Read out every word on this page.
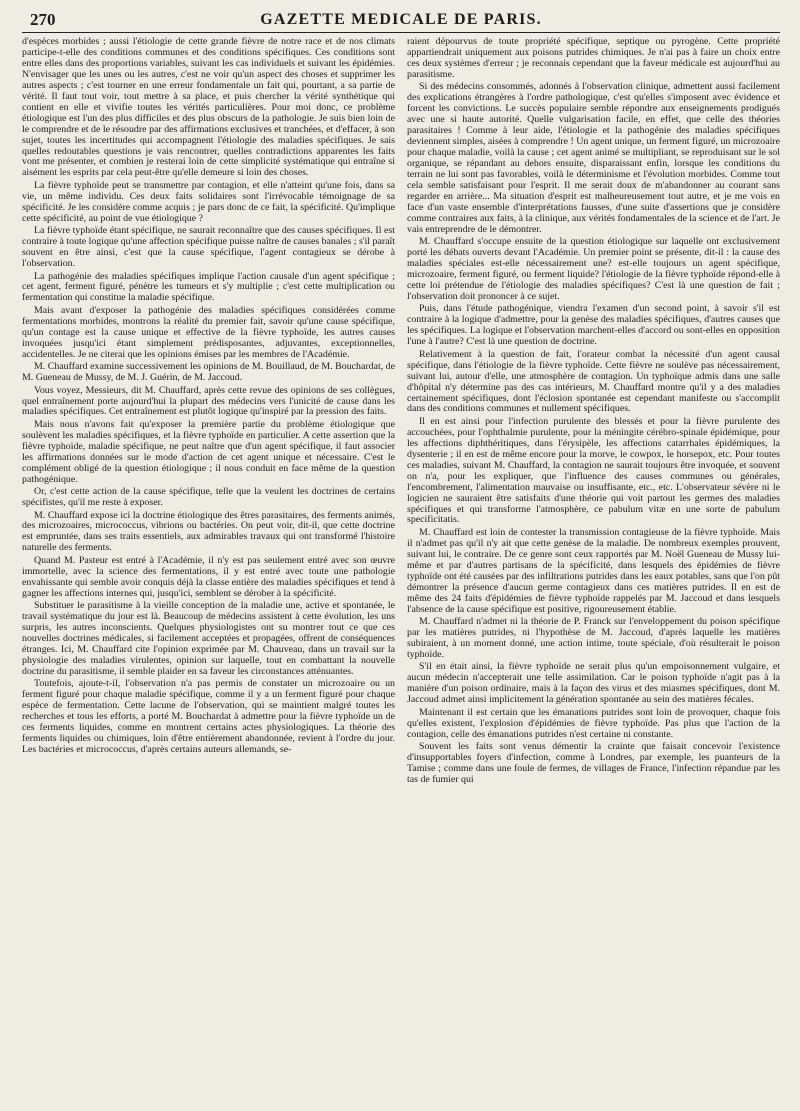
270	GAZETTE MEDICALE DE PARIS.

d'espèces morbides ; aussi l'étiologie de cette grande fièvre de notre race et de nos climats participe-t-elle des conditions communes et des conditions spécifiques. Ces conditions sont entre elles dans des proportions variables, suivant les cas individuels et suivant les épidémies. N'envisager que les unes ou les autres, c'est ne voir qu'un aspect des choses et supprimer les autres aspects ; c'est tourner en une erreur fondamentale un fait qui, pourtant, a sa partie de vérité. Il faut tout voir, tout mettre à sa place, et puis chercher la vérité synthétique qui contient en elle et vivifie toutes les vérités particulières. Pour moi donc, ce problème étiologique est l'un des plus difficiles et des plus obscurs de la pathologie. Je suis bien loin de le comprendre et de le résoudre par des affirmations exclusives et tranchées, et d'effacer, à son sujet, toutes les incertitudes qui accompagnent l'étiologie des maladies spécifiques. Je sais quelles redoutables questions je vais rencontrer, quelles contradictions apparentes les faits vont me présenter, et combien je resterai loin de cette simplicité systématique qui entraîne si aisément les esprits par cela peut-être qu'elle demeure si loin des choses.

La fièvre typhoïde peut se transmettre par contagion, et elle n'atteint qu'une fois, dans sa vie, un même individu. Ces deux faits solidaires sont l'irrévocable témoignage de sa spécificité. Je les considère comme acquis ; je pars donc de ce fait, la spécificité. Qu'implique cette spécificité, au point de vue étiologique ?

La fièvre typhoïde étant spécifique, ne saurait reconnaître que des causes spécifiques. Il est contraire à toute logique qu'une affection spécifique puisse naître de causes banales ; s'il paraît souvent en être ainsi, c'est que la cause spécifique, l'agent contagieux se dérobe à l'observation.

La pathogénie des maladies spécifiques implique l'action causale d'un agent spécifique ; cet agent, ferment figuré, pénètre les tumeurs et s'y multiplie ; c'est cette multiplication ou fermentation qui constitue la maladie spécifique.

Mais avant d'exposer la pathogénie des maladies spécifiques considérées comme fermentations morbides, montrons la réalité du premier fait, savoir qu'une cause spécifique, qu'un contage est la cause unique et effective de la fièvre typhoïde, les autres causes invoquées jusqu'ici étant simplement prédisposantes, adjuvantes, exceptionnelles, accidentelles. Je ne citerai que les opinions émises par les membres de l'Académie.

M. Chauffard examine successivement les opinions de M. Bouillaud, de M. Bouchardat, de M. Gueneau de Mussy, de M. J. Guérin, de M. Jaccoud.

Vous voyez, Messieurs, dit M. Chauffard, après cette revue des opinions de ses collègues, quel entraînement porte aujourd'hui la plupart des médecins vers l'unicité de cause dans les maladies spécifiques. Cet entraînement est plutôt logique qu'inspiré par la pression des faits.

Mais nous n'avons fait qu'exposer la première partie du problème étiologique que soulèvent les maladies spécifiques, et la fièvre typhoïde en particulier. A cette assertion que la fièvre typhoïde, maladie spécifique, ne peut naître que d'un agent spécifique, il faut associer les affirmations données sur le mode d'action de cet agent unique et nécessaire. C'est le complément obligé de la question étiologique ; il nous conduit en face même de la question pathogénique.

Or, c'est cette action de la cause spécifique, telle que la veulent les doctrines de certains spécifistes, qu'il me reste à exposer.

M. Chauffard expose ici la doctrine étiologique des êtres parasitaires, des ferments animés, des microzoaires, micrococcus, vibrions ou bactéries. On peut voir, dit-il, que cette doctrine est empruntée, dans ses traits essentiels, aux admirables travaux qui ont transformé l'histoire naturelle des ferments.

Quand M. Pasteur est entré à l'Académie, il n'y est pas seulement entré avec son œuvre immortelle, avec la science des fermentations, il y est entré avec toute une pathologie envahissante qui semble avoir conquis déjà la classe entière des maladies spécifiques et tend à gagner les affections internes qui, jusqu'ici, semblent se dérober à la spécificité.

Substituer le parasitisme à la vieille conception de la maladie une, active et spontanée, le travail systématique du jour est là. Beaucoup de médecins assistent à cette évolution, les uns surpris, les autres inconscients. Quelques physiologistes ont su montrer tout ce que ces nouvelles doctrines médicales, si facilement acceptées et propagées, offrent de conséquences étranges. Ici, M. Chauffard cite l'opinion exprimée par M. Chauveau, dans un travail sur la physiologie des maladies virulentes, opinion sur laquelle, tout en combattant la nouvelle doctrine du parasitisme, il semble plaider en sa faveur les circonstances atténuantes.

Toutefois, ajoute-t-il, l'observation n'a pas permis de constater un microzoaire ou un ferment figuré pour chaque maladie spécifique, comme il y a un ferment figuré pour chaque espèce de fermentation. Cette lacune de l'observation, qui se maintient malgré toutes les recherches et tous les efforts, a porté M. Bouchardat à admettre pour la fièvre typhoïde un de ces ferments liquides, comme en montrent certains actes physiologiques. La théorie des ferments liquides ou chimiques, loin d'être entièrement abandonnée, revient à l'ordre du jour. Les bactéries et micrococcus, d'après certains auteurs allemands, se-

raient dépourvus de toute propriété spécifique, septique ou pyrogène. Cette propriété appartiendrait uniquement aux poisons putrides chimiques. Je n'ai pas à faire un choix entre ces deux systèmes d'erreur ; je reconnais cependant que la faveur médicale est aujourd'hui au parasitisme.

Si des médecins consommés, adonnés à l'observation clinique, admettent aussi facilement des explications étrangères à l'ordre pathologique, c'est qu'elles s'imposent avec évidence et forcent les convictions. Le succès populaire semble répondre aux enseignements prodigués avec une si haute autorité. Quelle vulgarisation facile, en effet, que celle des théories parasitaires ! Comme à leur aide, l'étiologie et la pathogénie des maladies spécifiques deviennent simples, aisées à comprendre ! Un agent unique, un ferment figuré, un microzoaire pour chaque maladie, voilà la cause ; cet agent animé se multipliant, se reproduisant sur le sol organique, se répandant au dehors ensuite, disparaissant enfin, lorsque les conditions du terrain ne lui sont pas favorables, voilà le déterminisme et l'évolution morbides. Comme tout cela semble satisfaisant pour l'esprit. Il me serait doux de m'abandonner au courant sans regarder en arrière... Ma situation d'esprit est malheureusement tout autre, et je me vois en face d'un vaste ensemble d'interprétations fausses, d'une suite d'assertions que je considère comme contraires aux faits, à la clinique, aux vérités fondamentales de la science et de l'art. Je vais entreprendre de le démontrer.

M. Chauffard s'occupe ensuite de la question étiologique sur laquelle ont exclusivement porté les débats ouverts devant l'Académie. Un premier point se présente, dit-il : la cause des maladies spéciales est-elle nécessairement une? est-elle toujours un agent spécifique, microzoaire, ferment figuré, ou ferment liquide? l'étiologie de la fièvre typhoïde répond-elle à cette loi prétendue de l'étiologie des maladies spécifiques? C'est là une question de fait ; l'observation doit prononcer à ce sujet.

Puis, dans l'étude pathogénique, viendra l'examen d'un second point, à savoir s'il est contraire à la logique d'admettre, pour la genèse des maladies spécifiques, d'autres causes que les spécifiques. La logique et l'observation marchent-elles d'accord ou sont-elles en opposition l'une à l'autre? C'est là une question de doctrine.

Relativement à la question de fait, l'orateur combat la nécessité d'un agent causal spécifique, dans l'étiologie de la fièvre typhoïde. Cette fièvre ne soulève pas nécessairement, suivant lui, autour d'elle, une atmosphère de contagion. Un typhoïque admis dans une salle d'hôpital n'y détermine pas des cas intérieurs, M. Chauffard montre qu'il y a des maladies certainement spécifiques, dont l'éclosion spontanée est cependant manifeste ou s'accomplit dans des conditions communes et nullement spécifiques.

Il en est ainsi pour l'infection purulente des blessés et pour la fièvre purulente des accouchées, pour l'ophthalmie purulente, pour la méningite cérébro-spinale épidémique, pour les affections diphthéritiques, dans l'érysipèle, les affections catarrhales épidémiques, la dysenterie ; il en est de même encore pour la morve, le cowpox, le horsepox, etc. Pour toutes ces maladies, suivant M. Chauffard, la contagion ne saurait toujours être invoquée, et souvent on n'a, pour les expliquer, que l'influence des causes communes ou générales, l'encombrement, l'alimentation mauvaise ou insuffisante, etc., etc. L'observateur sévère ni le logicien ne sauraient être satisfaits d'une théorie qui voit partout les germes des maladies spécifiques et qui transforme l'atmosphère, ce pabulum vitæ en une sorte de pabulum specificitatis.

M. Chauffard est loin de contester la transmission contagieuse de la fièvre typhoïde. Mais il n'admet pas qu'il n'y ait que cette genèse de la maladie. De nombreux exemples prouvent, suivant lui, le contraire. De ce genre sont ceux rapportés par M. Noël Gueneau de Mussy lui-même et par d'autres partisans de la spécificité, dans lesquels des épidémies de fièvre typhoïde ont été causées par des infiltrations putrides dans les eaux potables, sans que l'on pût démontrer la présence d'aucun germe contagieux dans ces matières putrides. Il en est de même des 24 faits d'épidémies de fièvre typhoïde rappelés par M. Jaccoud et dans lesquels l'absence de la cause spécifique est positive, rigoureusement établie.

M. Chauffard n'admet ni la théorie de P. Franck sur l'enveloppement du poison spécifique par les matières putrides, ni l'hypothèse de M. Jaccoud, d'après laquelle les matières subiraient, à un moment donné, une action intime, toute spéciale, d'où résulterait le poison typhoïde.

S'il en était ainsi, la fièvre typhoïde ne serait plus qu'un empoisonnement vulgaire, et aucun médecin n'accepterait une telle assimilation. Car le poison typhoïde n'agit pas à la manière d'un poison ordinaire, mais à la façon des virus et des miasmes spécifiques, dont M. Jaccoud admet ainsi implicitement la génération spontanée au sein des matières fécales.

Maintenant il est certain que les émanations putrides sont loin de provoquer, chaque fois qu'elles existent, l'explosion d'épidémies de fièvre typhoïde. Pas plus que l'action de la contagion, celle des émanations putrides n'est certaine ni constante.

Souvent les faits sont venus démentir la crainte que faisait concevoir l'existence d'insupportables foyers d'infection, comme à Londres, par exemple, les puanteurs de la Tamise ; comme dans une foule de fermes, de villages de France, l'infection répandue par les tas de fumier qui
